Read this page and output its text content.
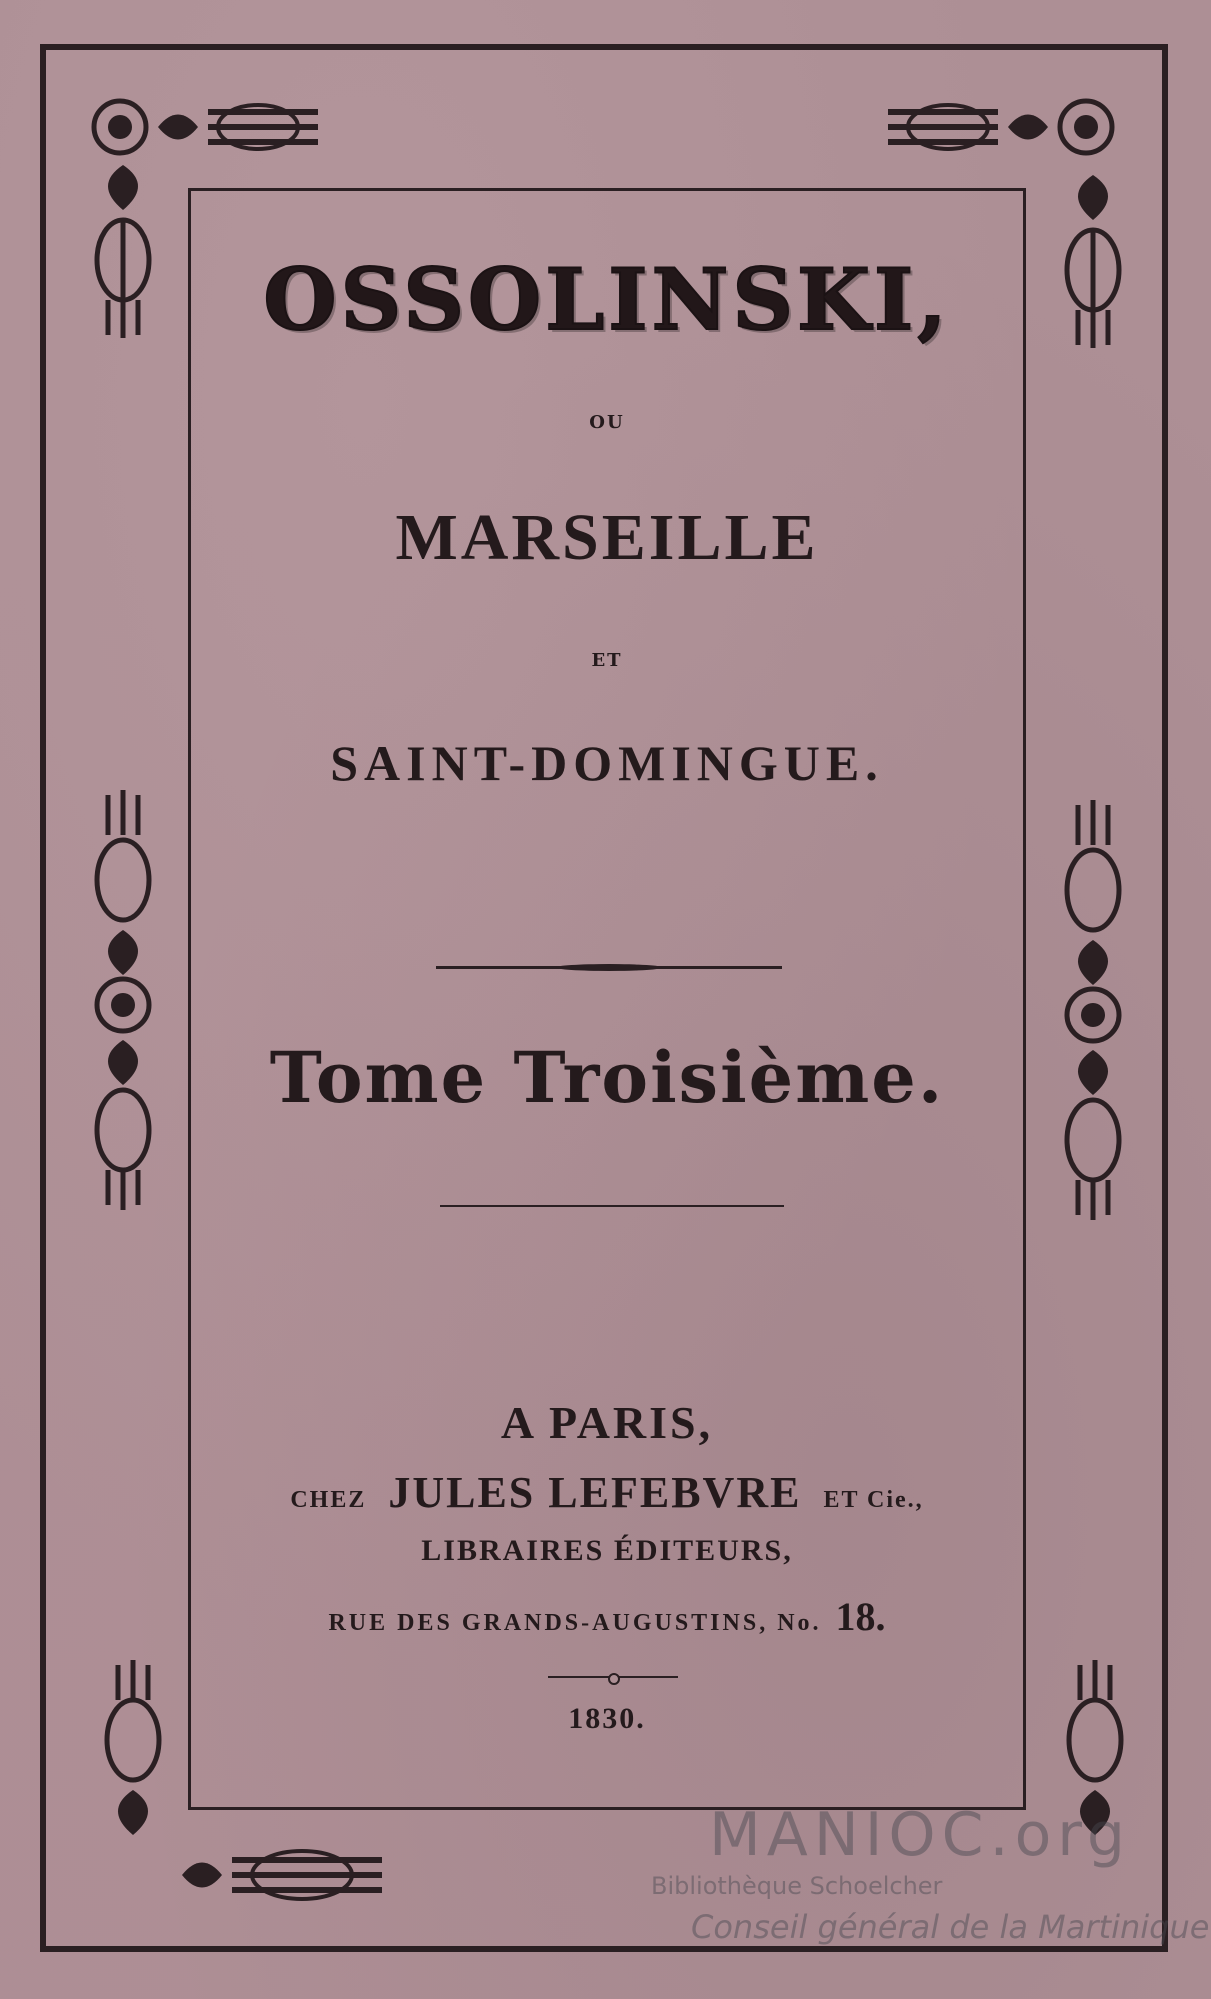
OSSOLINSKI,
OU
MARSEILLE
ET
SAINT-DOMINGUE.
Tome Troisième.
A PARIS,
CHEZ JULES LEFEBVRE ET Cie.,
LIBRAIRES ÉDITEURS,
RUE DES GRANDS-AUGUSTINS, No. 18.
1830.
MANIOC.org
Bibliothèque Schoelcher
Conseil général de la Martinique
